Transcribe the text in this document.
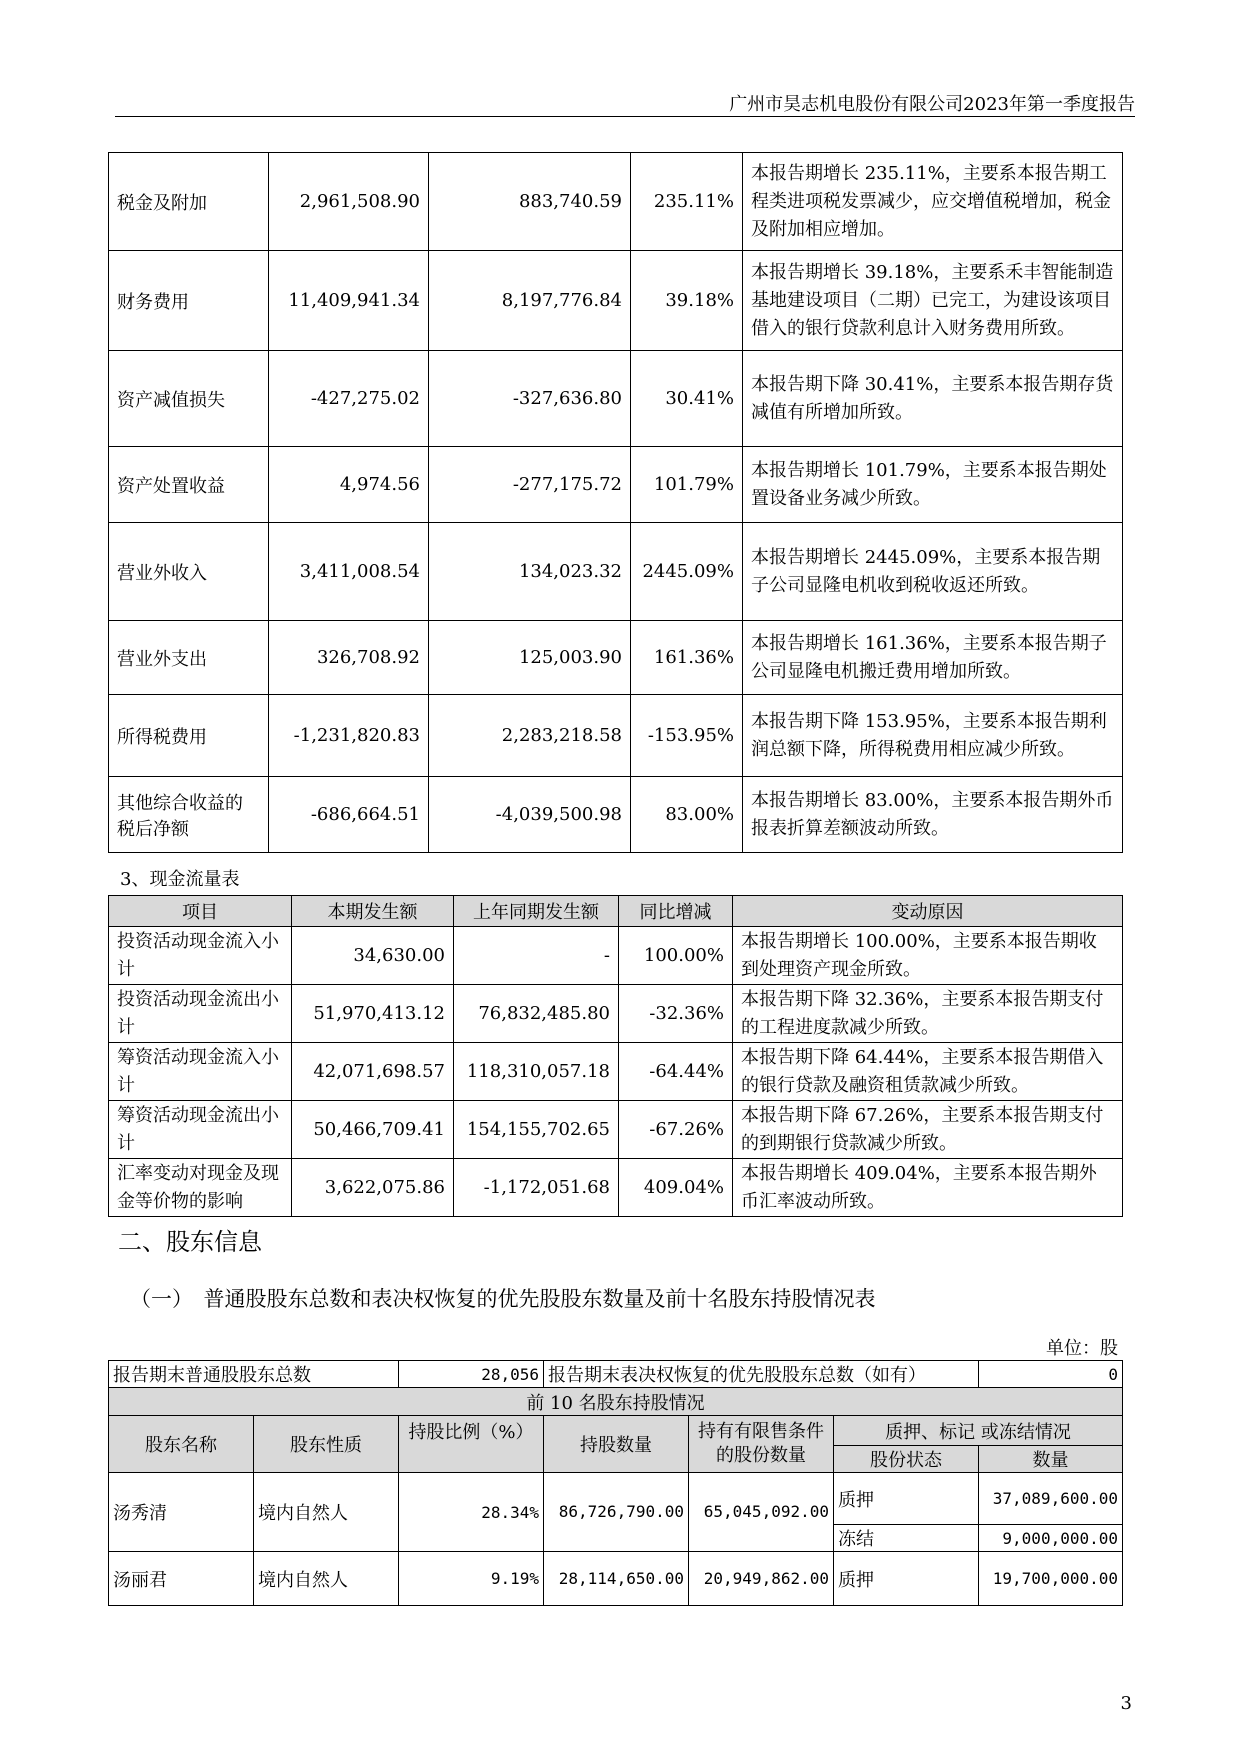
广州市昊志机电股份有限公司2023年第一季度报告
税金及附加	2,961,508.90	883,740.59	235.11%	本报告期增长 235.11%，主要系本报告期工程类进项税发票减少，应交增值税增加，税金及附加相应增加。
财务费用	11,409,941.34	8,197,776.84	39.18%	本报告期增长 39.18%，主要系禾丰智能制造基地建设项目（二期）已完工，为建设该项目借入的银行贷款利息计入财务费用所致。
资产减值损失	-427,275.02	-327,636.80	30.41%	本报告期下降 30.41%，主要系本报告期存货减值有所增加所致。
资产处置收益	4,974.56	-277,175.72	101.79%	本报告期增长 101.79%，主要系本报告期处置设备业务减少所致。
营业外收入	3,411,008.54	134,023.32	2445.09%	本报告期增长 2445.09%，主要系本报告期子公司显隆电机收到税收返还所致。
营业外支出	326,708.92	125,003.90	161.36%	本报告期增长 161.36%，主要系本报告期子公司显隆电机搬迁费用增加所致。
所得税费用	-1,231,820.83	2,283,218.58	-153.95%	本报告期下降 153.95%，主要系本报告期利润总额下降，所得税费用相应减少所致。
其他综合收益的税后净额	-686,664.51	-4,039,500.98	83.00%	本报告期增长 83.00%，主要系本报告期外币报表折算差额波动所致。
3、现金流量表
项目	本期发生额	上年同期发生额	同比增减	变动原因
投资活动现金流入小计	34,630.00	-	100.00%	本报告期增长 100.00%，主要系本报告期收到处理资产现金所致。
投资活动现金流出小计	51,970,413.12	76,832,485.80	-32.36%	本报告期下降 32.36%，主要系本报告期支付的工程进度款减少所致。
筹资活动现金流入小计	42,071,698.57	118,310,057.18	-64.44%	本报告期下降 64.44%，主要系本报告期借入的银行贷款及融资租赁款减少所致。
筹资活动现金流出小计	50,466,709.41	154,155,702.65	-67.26%	本报告期下降 67.26%，主要系本报告期支付的到期银行贷款减少所致。
汇率变动对现金及现金等价物的影响	3,622,075.86	-1,172,051.68	409.04%	本报告期增长 409.04%，主要系本报告期外币汇率波动所致。
二、股东信息
（一）　普通股股东总数和表决权恢复的优先股股东数量及前十名股东持股情况表
单位：股
报告期末普通股股东总数		28,056	报告期末表决权恢复的优先股股东总数（如有）			0
前 10 名股东持股情况						
股东名称	股东性质	持股比例（%）	持股数量	持有有限售条件的股份数量	质押、标记 或冻结情况	
					股份状态	数量
汤秀清	境内自然人	28.34%	86,726,790.00	65,045,092.00	质押	37,089,600.00
					冻结	9,000,000.00
汤丽君	境内自然人	9.19%	28,114,650.00	20,949,862.00	质押	19,700,000.00
3
